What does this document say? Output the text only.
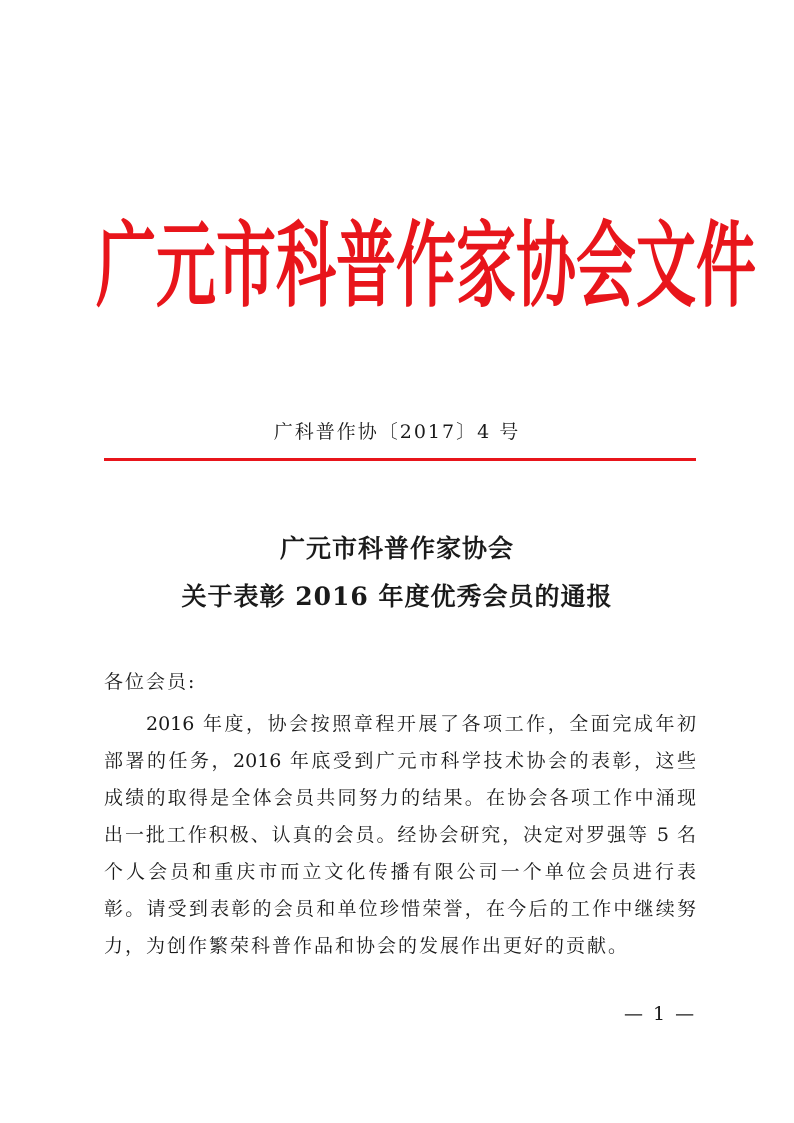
广 元 市 科 普 作 家 协 会 文 件
广科普作协〔2017〕4 号
广元市科普作家协会
关于表彰 2016 年度优秀会员的通报
各位会员:
2016 年度，协会按照章程开展了各项工作，全面完成年初
部署的任务，2016 年底受到广元市科学技术协会的表彰，这些
成绩的取得是全体会员共同努力的结果。在协会各项工作中涌现
出一批工作积极、认真的会员。经协会研究，决定对罗强等 5 名
个人会员和重庆市而立文化传播有限公司一个单位会员进行表
彰。请受到表彰的会员和单位珍惜荣誉，在今后的工作中继续努
力，为创作繁荣科普作品和协会的发展作出更好的贡献。
— 1 —
